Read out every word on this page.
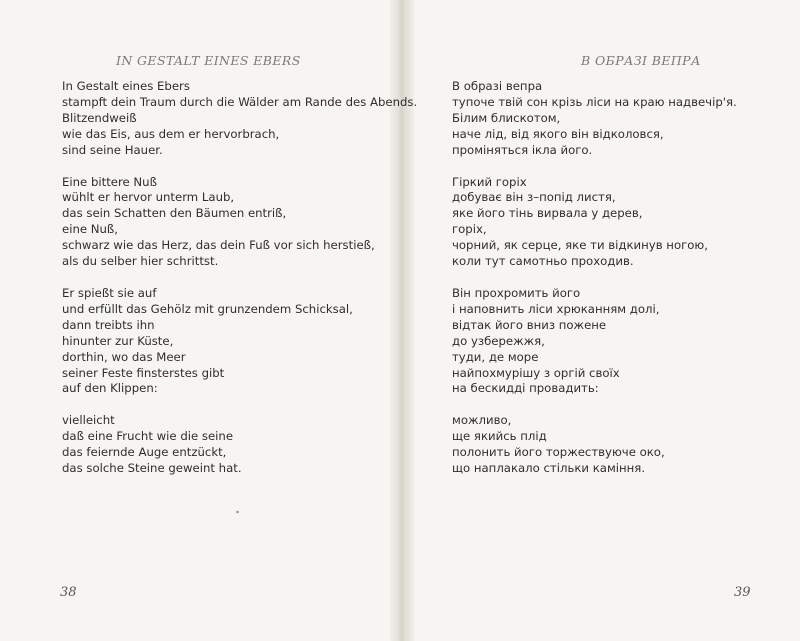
IN GESTALT EINES EBERS	В ОБРАЗІ ВЕПРА
In Gestalt eines Ebers
stampft dein Traum durch die Wälder am Rande des Abends.
Blitzendweiß
wie das Eis, aus dem er hervorbrach,
sind seine Hauer.
Eine bittere Nuß
wühlt er hervor unterm Laub,
das sein Schatten den Bäumen entriß,
eine Nuß,
schwarz wie das Herz, das dein Fuß vor sich herstieß,
als du selber hier schrittst.
Er spießt sie auf
und erfüllt das Gehölz mit grunzendem Schicksal,
dann treibts ihn
hinunter zur Küste,
dorthin, wo das Meer
seiner Feste finsterstes gibt
auf den Klippen:
vielleicht
daß eine Frucht wie die seine
das feiernde Auge entzückt,
das solche Steine geweint hat.
В образі вепра
тупоче твій сон крізь ліси на краю надвечір'я.
Білим блискотом,
наче лід, від якого він відколовся,
проміняться ікла його.
Гіркий горіх
добуває він з–попід листя,
яке його тінь вирвала у дерев,
горіх,
чорний, як серце, яке ти відкинув ногою,
коли тут самотньо проходив.
Він прохромить його
і наповнить ліси хрюканням долі,
відтак його вниз пожене
до узбережжя,
туди, де море
найпохмурішу з оргій своїх
на бескидді провадить:
можливо,
ще якийсь плід
полонить його торжествуюче око,
що наплакало стільки каміння.
38	39
